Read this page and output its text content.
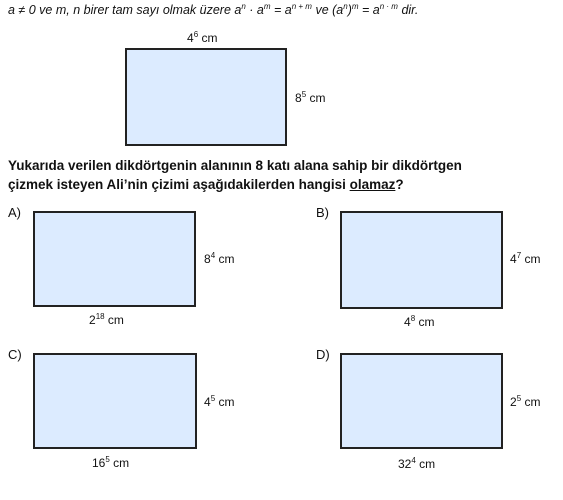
a ≠ 0 ve m, n birer tam sayı olmak üzere $a^n \cdot a^m = a^{n + m}$ ve $(a^n)^m = a^{n \cdot m}$ dir.
$4^6$ cm
$8^5$ cm
Yukarıda verilen dikdörtgenin alanının 8 katı alana sahip bir dikdörtgen çizmek isteyen Ali’nin çizimi aşağıdakilerden hangisi olamaz?
A)
$8^4$ cm
$2^{18}$ cm
B)
$4^7$ cm
$4^8$ cm
C)
$4^5$ cm
$16^5$ cm
D)
$2^5$ cm
$32^4$ cm
